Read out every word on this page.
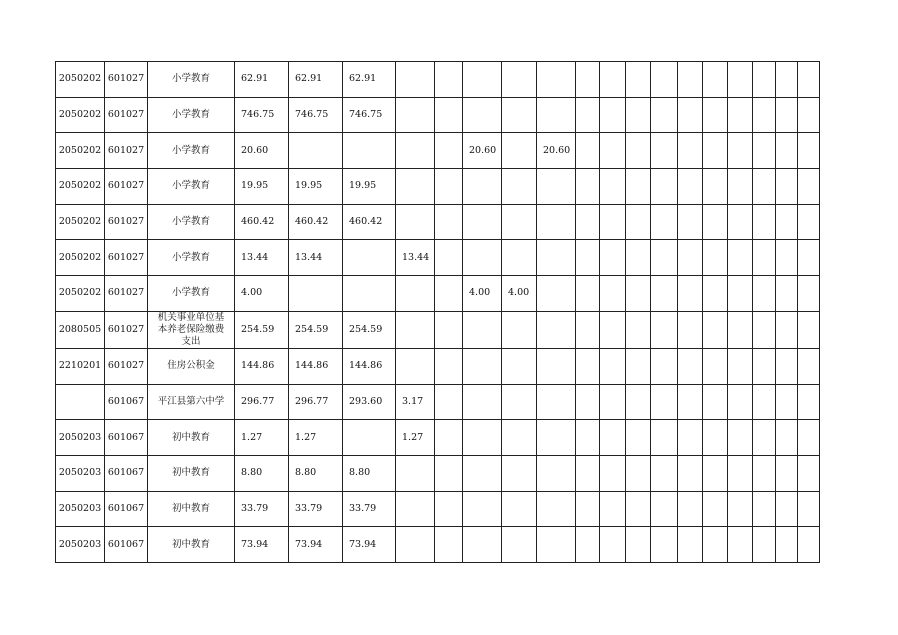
2050202	601027	小学教育	62.91	62.91	62.91															
2050202	601027	小学教育	746.75	746.75	746.75															
2050202	601027	小学教育	20.60					20.60		20.60										
2050202	601027	小学教育	19.95	19.95	19.95															
2050202	601027	小学教育	460.42	460.42	460.42															
2050202	601027	小学教育	13.44	13.44		13.44														
2050202	601027	小学教育	4.00					4.00	4.00											
2080505	601027	机关事业单位基本养老保险缴费支出	254.59	254.59	254.59															
2210201	601027	住房公积金	144.86	144.86	144.86															
	601067	平江县第六中学	296.77	296.77	293.60	3.17														
2050203	601067	初中教育	1.27	1.27		1.27														
2050203	601067	初中教育	8.80	8.80	8.80															
2050203	601067	初中教育	33.79	33.79	33.79															
2050203	601067	初中教育	73.94	73.94	73.94															
